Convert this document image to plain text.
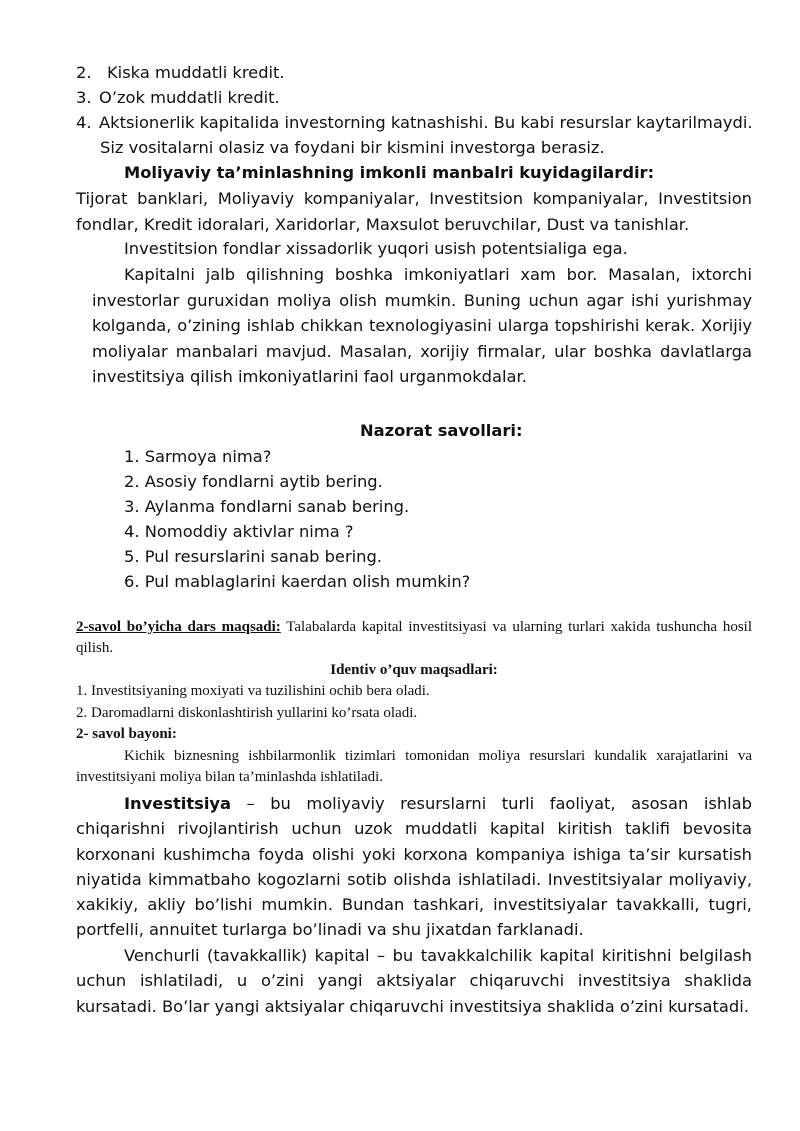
2. Kiska muddatli kredit.
3. O’zok muddatli kredit.
4. Aktsionerlik kapitalida investorning katnashishi. Bu kabi resurslar kaytarilmaydi.
Siz vositalarni olasiz va foydani bir kismini investorga berasiz.
Moliyaviy ta’minlashning imkonli manbalri kuyidagilardir:

Tijorat banklari, Moliyaviy kompaniyalar, Investitsion kompaniyalar, Investitsion fondlar, Kredit idoralari, Xaridorlar, Maxsulot beruvchilar, Dust va tanishlar.

Investitsion fondlar xissadorlik yuqori usish potentsialiga ega.

Kapitalni jalb qilishning boshka imkoniyatlari xam bor. Masalan, ixtorchi investorlar guruxidan moliya olish mumkin. Buning uchun agar ishi yurishmay kolganda, o’zining ishlab chikkan texnologiyasini ularga topshirishi kerak. Xorijiy moliyalar manbalari mavjud. Masalan, xorijiy firmalar, ular boshka davlatlarga investitsiya qilish imkoniyatlarini faol urganmokdalar.

Nazorat savollari:
1. Sarmoya nima?
2. Asosiy fondlarni aytib bering.
3. Aylanma fondlarni sanab bering.
4. Nomoddiy aktivlar nima ?
5. Pul resurslarini sanab bering.
6. Pul mablaglarini kaerdan olish mumkin?

2-savol bo’yicha dars maqsadi: Talabalarda kapital investitsiyasi va ularning turlari xakida tushuncha hosil qilish.

Identiv o’quv maqsadlari:
1. Investitsiyaning moxiyati va tuzilishini ochib bera oladi.
2. Daromadlarni diskonlashtirish yullarini ko’rsata oladi.
2- savol bayoni:

Kichik biznesning ishbilarmonlik tizimlari tomonidan moliya resurslari kundalik xarajatlarini va investitsiyani moliya bilan ta’minlashda ishlatiladi.

Investitsiya – bu moliyaviy resurslarni turli faoliyat, asosan ishlab chiqarishni rivojlantirish uchun uzok muddatli kapital kiritish taklifi bevosita korxonani kushimcha foyda olishi yoki korxona kompaniya ishiga ta’sir kursatish niyatida kimmatbaho kogozlarni sotib olishda ishlatiladi. Investitsiyalar moliyaviy, xakikiy, akliy bo’lishi mumkin. Bundan tashkari, investitsiyalar tavakkalli, tugri, portfelli, annuitet turlarga bo’linadi va shu jixatdan farklanadi.

Venchurli (tavakkallik) kapital – bu tavakkalchilik kapital kiritishni belgilash uchun ishlatiladi, u o’zini yangi aktsiyalar chiqaruvchi investitsiya shaklida kursatadi. Bo’lar yangi aktsiyalar chiqaruvchi investitsiya shaklida o’zini kursatadi.
